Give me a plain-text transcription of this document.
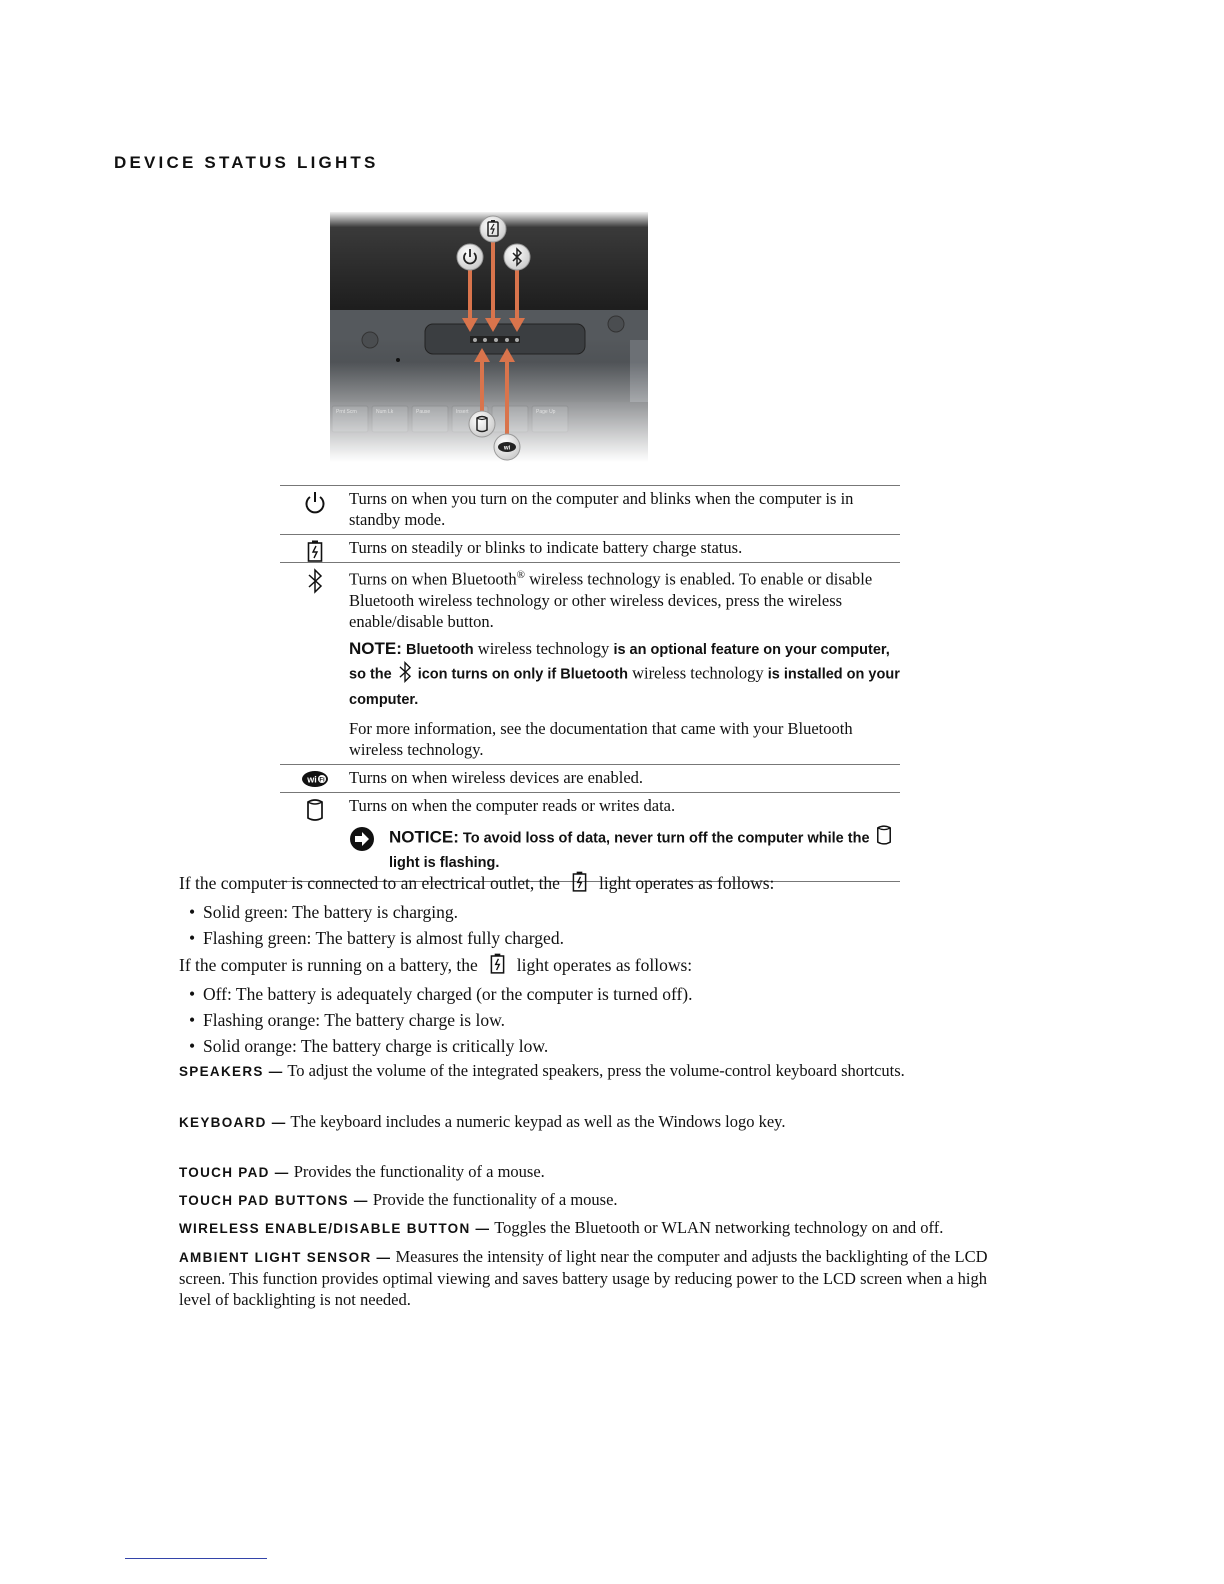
DEVICE STATUS LIGHTS
wi

Turns on when you turn on the computer and blinks when the computer is in standby mode.

Turns on steadily or blinks to indicate battery charge status.

Turns on when Bluetooth® wireless technology is enabled. To enable or disable Bluetooth wireless technology or other wireless devices, press the wireless enable/disable button.

NOTE: Bluetooth wireless technology is an optional feature on your computer, so the icon turns on only if Bluetooth wireless technology is installed on your computer.

For more information, see the documentation that came with your Bluetooth wireless technology.

wi Fi Turns on when wireless devices are enabled.

Turns on when the computer reads or writes data.

NOTICE: To avoid loss of data, never turn off the computer while the
light is flashing.
If the computer is connected to an electrical outlet, the light operates as follows:
• Solid green: The battery is charging.
• Flashing green: The battery is almost fully charged.
If the computer is running on a battery, the light operates as follows:
• Off: The battery is adequately charged (or the computer is turned off).
• Flashing orange: The battery charge is low.
• Solid orange: The battery charge is critically low.
SPEAKERS — To adjust the volume of the integrated speakers, press the volume-control keyboard shortcuts.
KEYBOARD — The keyboard includes a numeric keypad as well as the Windows logo key.
TOUCH PAD — Provides the functionality of a mouse.
TOUCH PAD BUTTONS — Provide the functionality of a mouse.
WIRELESS ENABLE/DISABLE BUTTON — Toggles the Bluetooth or WLAN networking technology on and off.
AMBIENT LIGHT SENSOR — Measures the intensity of light near the computer and adjusts the backlighting of the LCD screen. This function provides optimal viewing and saves battery usage by reducing power to the LCD screen when a high level of backlighting is not needed.
